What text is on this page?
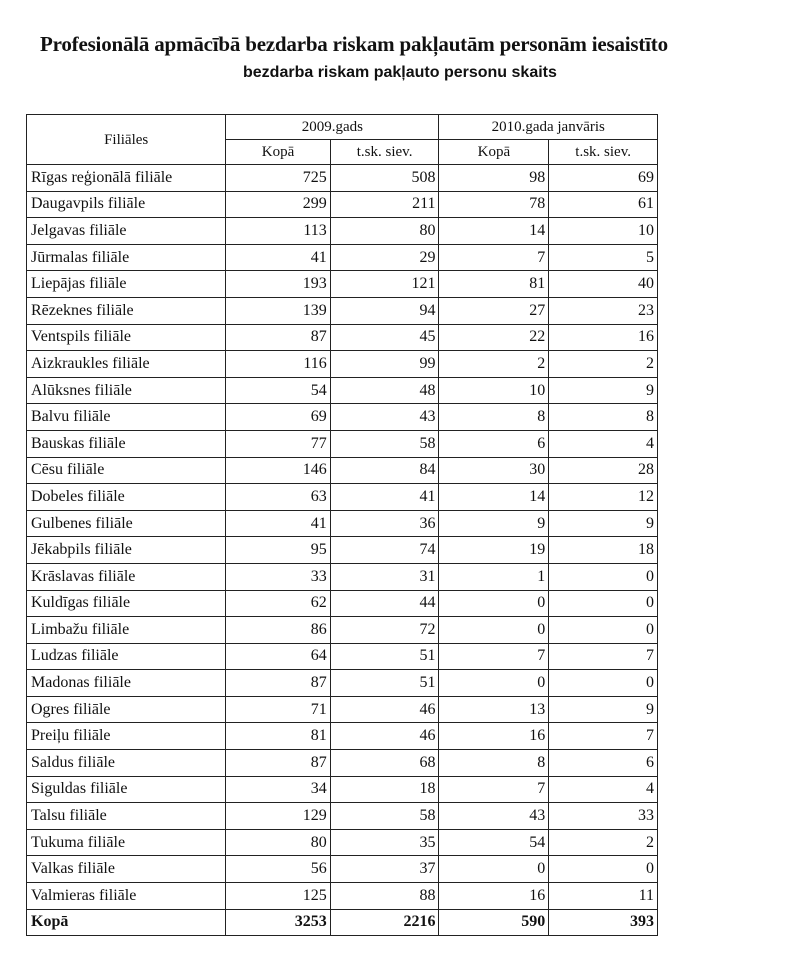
Profesionālā apmācībā bezdarba riskam pakļautām personām iesaistīto
bezdarba riskam pakļauto personu skaits
Filiāles	2009.gads		2010.gada janvāris	
	Kopā	t.sk. siev.	Kopā	t.sk. siev.
Rīgas reģionālā filiāle	725	508	98	69
Daugavpils filiāle	299	211	78	61
Jelgavas filiāle	113	80	14	10
Jūrmalas filiāle	41	29	7	5
Liepājas filiāle	193	121	81	40
Rēzeknes filiāle	139	94	27	23
Ventspils filiāle	87	45	22	16
Aizkraukles filiāle	116	99	2	2
Alūksnes filiāle	54	48	10	9
Balvu filiāle	69	43	8	8
Bauskas filiāle	77	58	6	4
Cēsu filiāle	146	84	30	28
Dobeles filiāle	63	41	14	12
Gulbenes filiāle	41	36	9	9
Jēkabpils filiāle	95	74	19	18
Krāslavas filiāle	33	31	1	0
Kuldīgas filiāle	62	44	0	0
Limbažu filiāle	86	72	0	0
Ludzas filiāle	64	51	7	7
Madonas filiāle	87	51	0	0
Ogres filiāle	71	46	13	9
Preiļu filiāle	81	46	16	7
Saldus filiāle	87	68	8	6
Siguldas filiāle	34	18	7	4
Talsu filiāle	129	58	43	33
Tukuma filiāle	80	35	54	2
Valkas filiāle	56	37	0	0
Valmieras filiāle	125	88	16	11
Kopā	3253	2216	590	393
